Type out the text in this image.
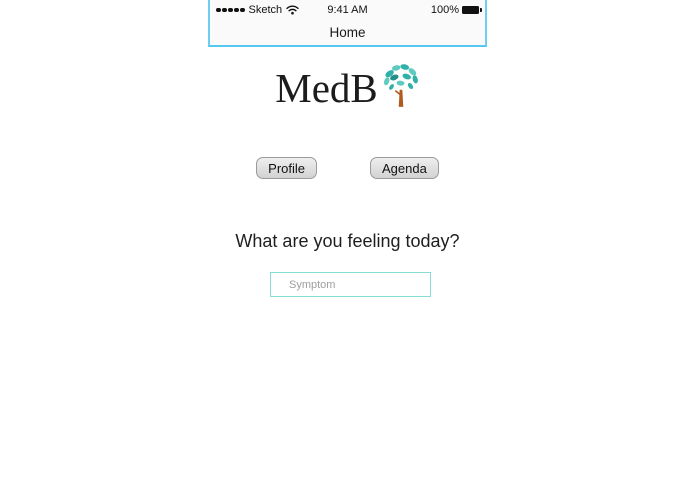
Sketch	9:41 AM	100%
Home
MedB
Profile	Agenda
What are you feeling today?
Symptom
